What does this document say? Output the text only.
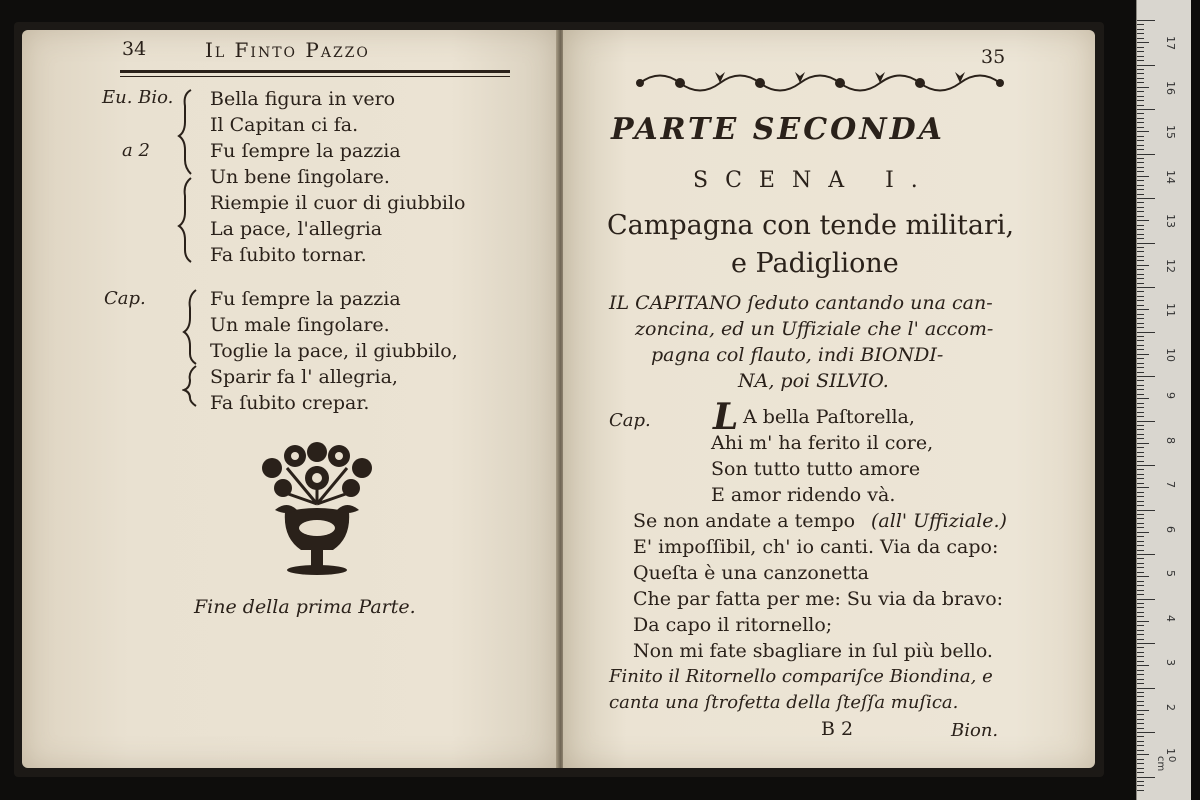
34	Il Finto Pazzo
Eu. Bio.
a 2
Bella figura in vero
Il Capitan ci fa.
Fu ſempre la pazzia
Un bene ſingolare.
Riempie il cuor di giubbilo
La pace, l'allegria
Fa ſubito tornar.
Cap.	Fu ſempre la pazzia
Un male ſingolare.
Toglie la pace, il giubbilo,
Sparir fa l' allegria,
Fa ſubito crepar.
Fine della prima Parte.
35
PARTE SECONDA
SCENA I.
Campagna con tende militari,
e Padiglione
IL CAPITANO ſeduto cantando una can-
zoncina, ed un Uffiziale che l' accom-
pagna col flauto, indi BIONDI-
NA, poi SILVIO.
Cap. L A bella Paſtorella,
Ahi m' ha ferito il core,
Son tutto tutto amore
E amor ridendo và.
Se non andate a tempo (all' Uffiziale.)
E' impoſſibil, ch' io canti. Via da capo:
Queſta è una canzonetta
Che par fatta per me: Su via da bravo:
Da capo il ritornello;
Non mi fate sbagliare in ſul più bello.
Finito il Ritornello compariſce Biondina, e
canta una ſtrofetta della ſteſſa muſica.
B 2	Bion.
17
16
15
14
13
12
11
10
9
8
7
6
5
4
3
2
1
0 cm
